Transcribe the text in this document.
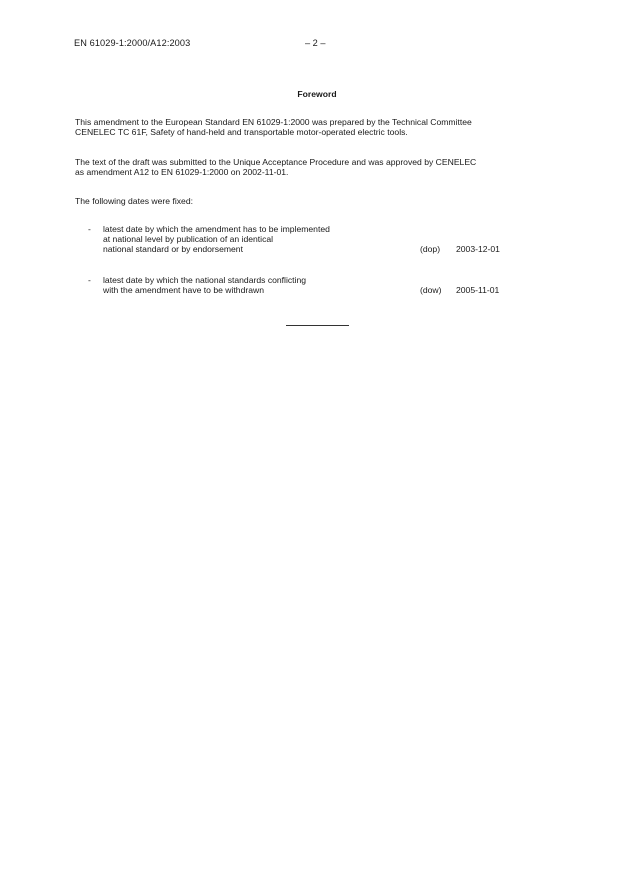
EN 61029-1:2000/A12:2003	– 2 –
Foreword

This amendment to the European Standard EN 61029-1:2000 was prepared by the Technical Committee
CENELEC TC 61F, Safety of hand-held and transportable motor-operated electric tools.

The text of the draft was submitted to the Unique Acceptance Procedure and was approved by CENELEC
as amendment A12 to EN 61029-1:2000 on 2002-11-01.

The following dates were fixed:

- latest date by which the amendment has to be implemented
at national level by publication of an identical
national standard or by endorsement	(dop) 2003-12-01
- latest date by which the national standards conflicting
with the amendment have to be withdrawn	(dow) 2005-11-01
